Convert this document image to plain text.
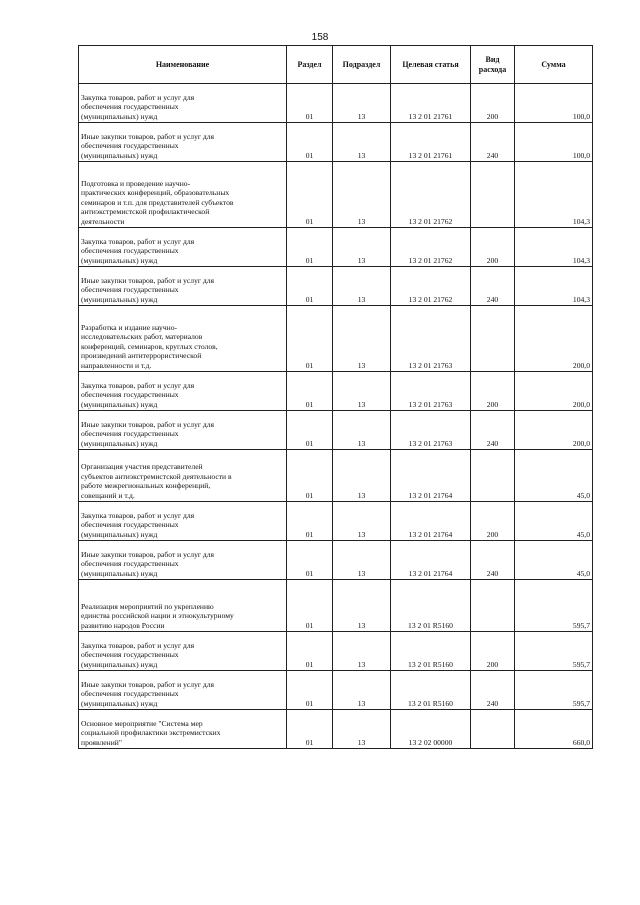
158
Наименование	Раздел	Подраздел	Целевая статья	Вид расхода	Сумма
Закупка товаров, работ и услуг для
обеспечения государственных
(муниципальных) нужд	01	13	13 2 01 21761	200	100,0
Иные закупки товаров, работ и услуг для
обеспечения государственных
(муниципальных) нужд	01	13	13 2 01 21761	240	100,0
Подготовка и проведение научно-
практических конференций, образовательных
семинаров и т.п. для представителей субъектов
антиэкстремистской профилактической
деятельности	01	13	13 2 01 21762		104,3
Закупка товаров, работ и услуг для
обеспечения государственных
(муниципальных) нужд	01	13	13 2 01 21762	200	104,3
Иные закупки товаров, работ и услуг для
обеспечения государственных
(муниципальных) нужд	01	13	13 2 01 21762	240	104,3
Разработка и издание научно-
исследовательских работ, материалов
конференций, семинаров, круглых столов,
произведений антитеррористической
направленности и т.д.	01	13	13 2 01 21763		200,0
Закупка товаров, работ и услуг для
обеспечения государственных
(муниципальных) нужд	01	13	13 2 01 21763	200	200,0
Иные закупки товаров, работ и услуг для
обеспечения государственных
(муниципальных) нужд	01	13	13 2 01 21763	240	200,0
Организация участия представителей
субъектов антиэкстремистской деятельности в
работе межрегиональных конференций,
совещаний и т.д.	01	13	13 2 01 21764		45,0
Закупка товаров, работ и услуг для
обеспечения государственных
(муниципальных) нужд	01	13	13 2 01 21764	200	45,0
Иные закупки товаров, работ и услуг для
обеспечения государственных
(муниципальных) нужд	01	13	13 2 01 21764	240	45,0
Реализация мероприятий по укреплению
единства российской нации и этнокультурному
развитию народов России	01	13	13 2 01 R5160		595,7
Закупка товаров, работ и услуг для
обеспечения государственных
(муниципальных) нужд	01	13	13 2 01 R5160	200	595,7
Иные закупки товаров, работ и услуг для
обеспечения государственных
(муниципальных) нужд	01	13	13 2 01 R5160	240	595,7
Основное мероприятие "Система мер
социальной профилактики экстремистских
проявлений"	01	13	13 2 02 00000		660,0
